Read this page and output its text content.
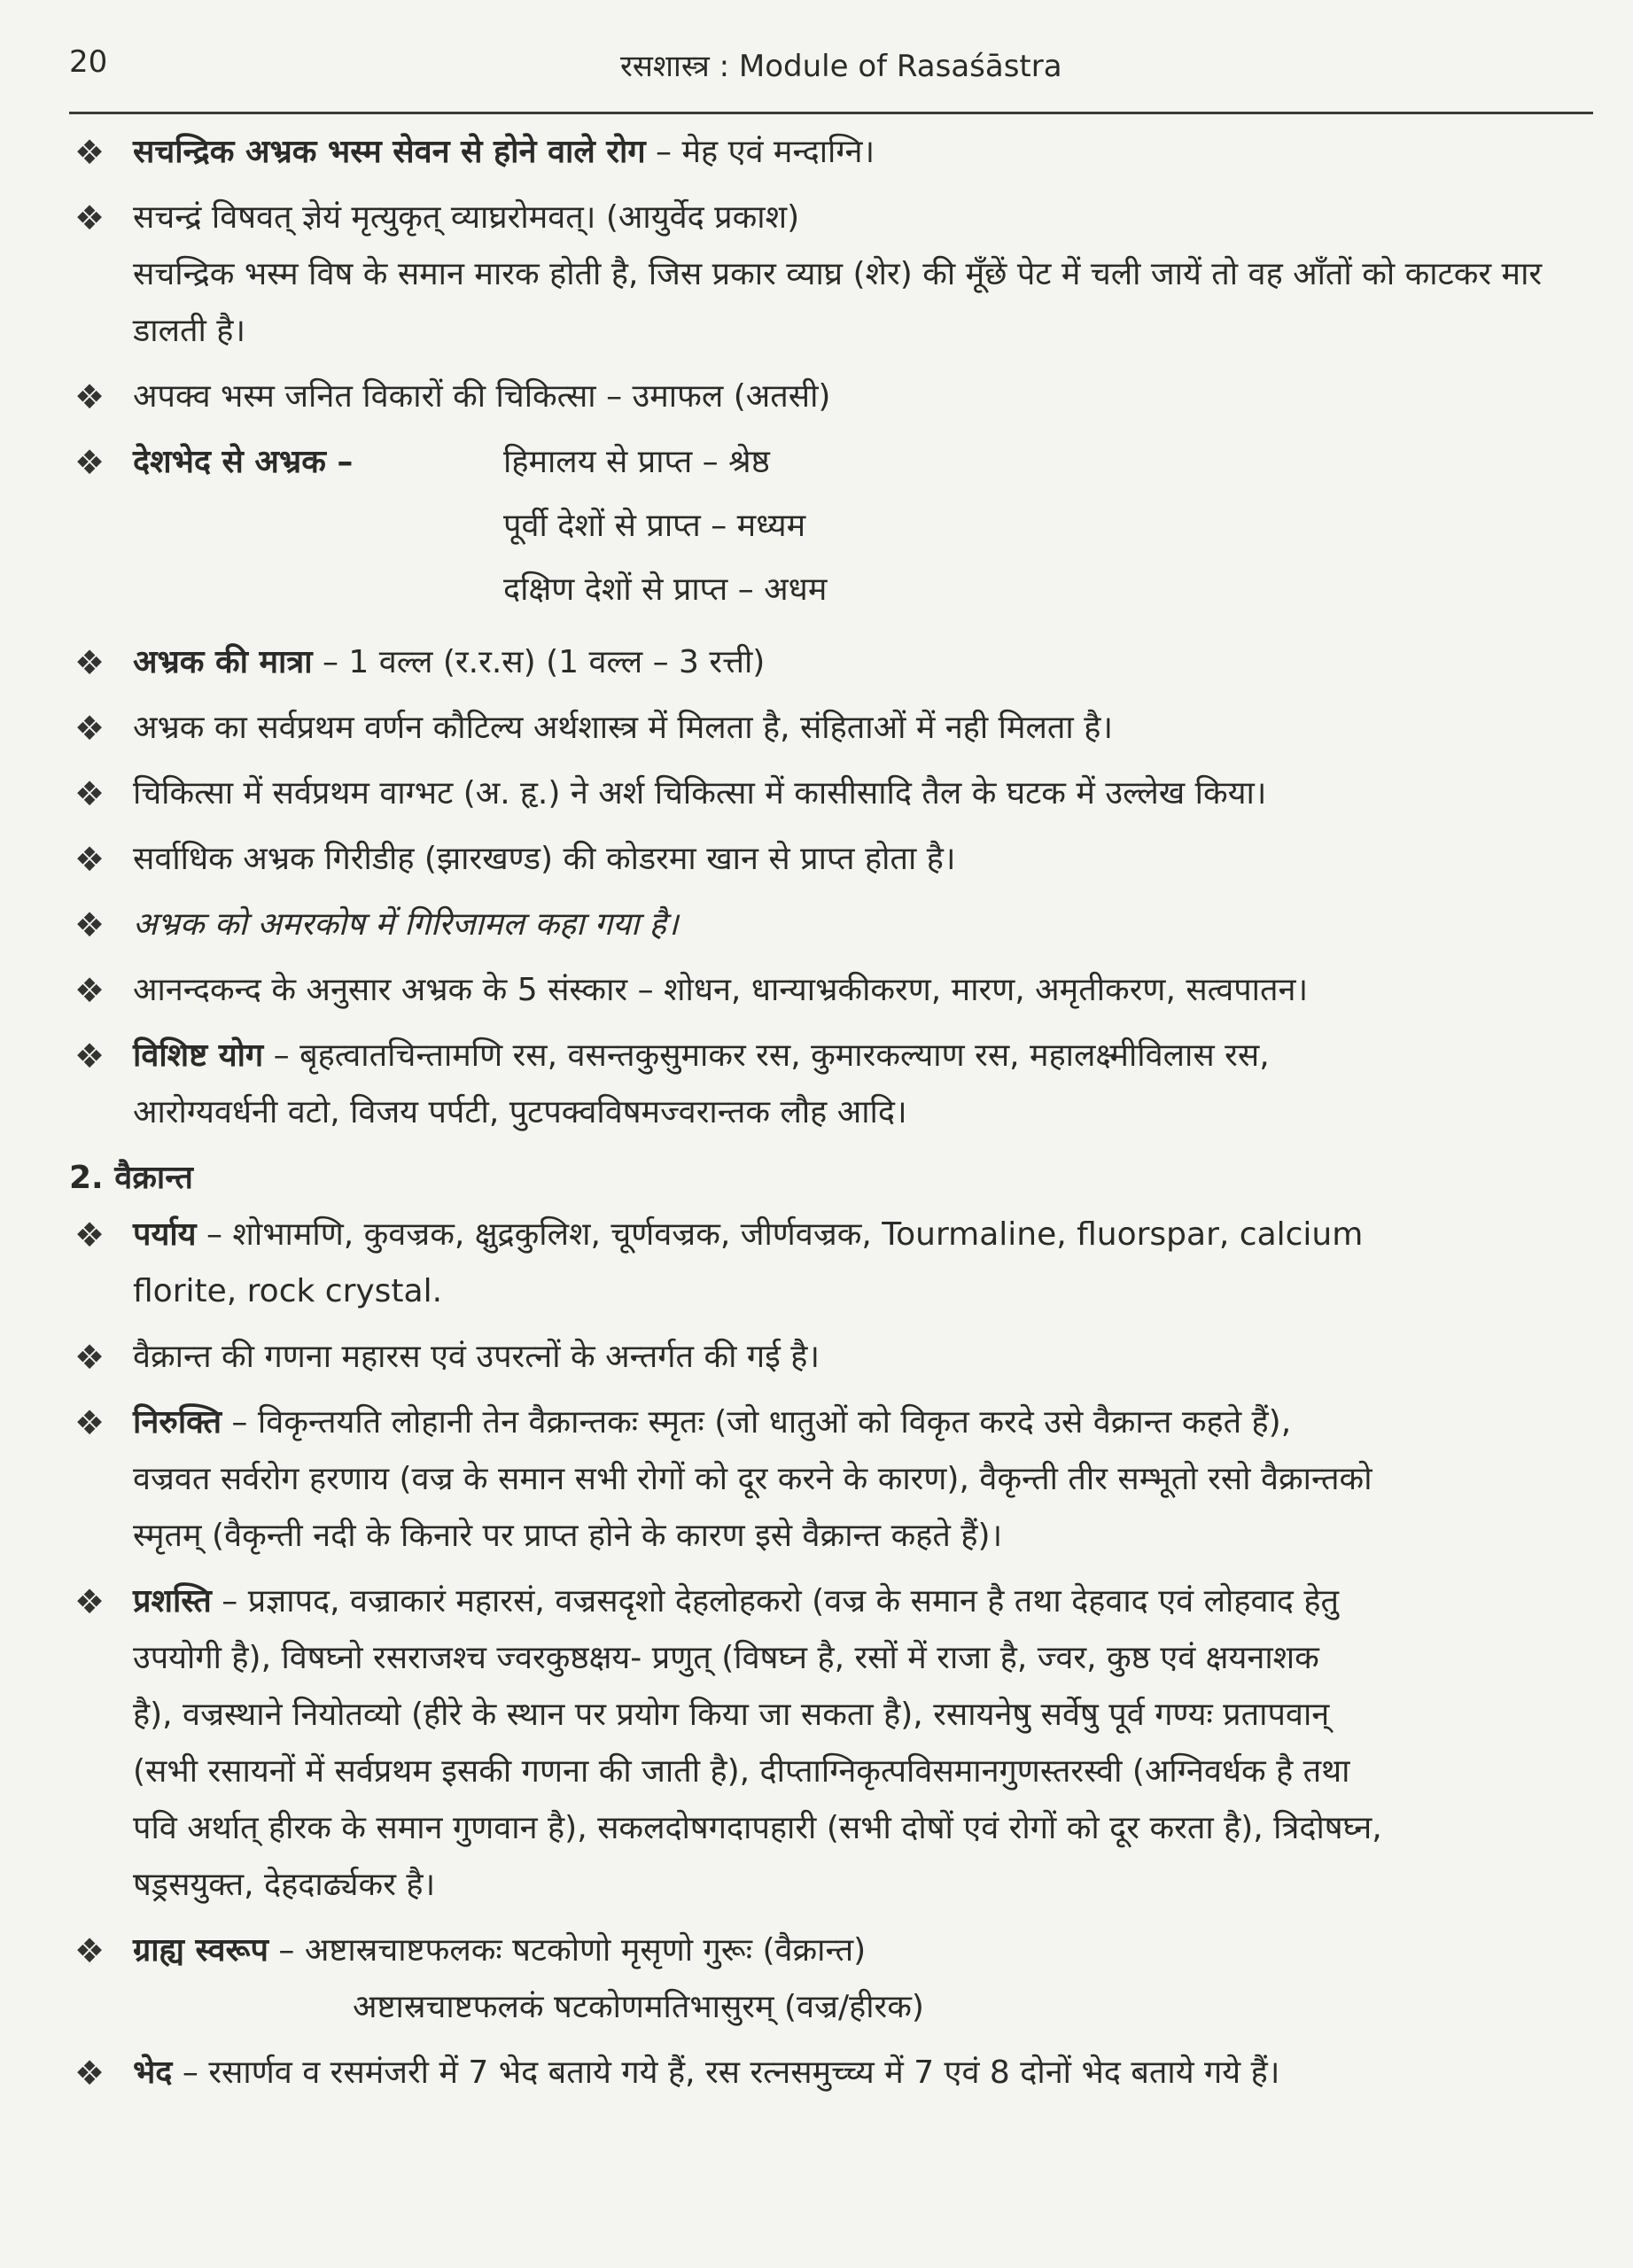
20	रसशास्त्र : Module of Rasaśāstra
❖ सचन्द्रिक अभ्रक भस्म सेवन से होने वाले रोग – मेह एवं मन्दाग्नि।
❖ सचन्द्रं विषवत् ज्ञेयं मृत्युकृत् व्याघ्ररोमवत्। (आयुर्वेद प्रकाश)
सचन्द्रिक भस्म विष के समान मारक होती है, जिस प्रकार व्याघ्र (शेर) की मूँछें पेट में चली जायें तो वह आँतों को काटकर मार डालती है।
❖ अपक्व भस्म जनित विकारों की चिकित्सा – उमाफल (अतसी)
❖ देशभेद से अभ्रक –	हिमालय से प्राप्त – श्रेष्ठ
पूर्वी देशों से प्राप्त – मध्यम
दक्षिण देशों से प्राप्त – अधम
❖ अभ्रक की मात्रा – 1 वल्ल (र.र.स) (1 वल्ल – 3 रत्ती)
❖ अभ्रक का सर्वप्रथम वर्णन कौटिल्य अर्थशास्त्र में मिलता है, संहिताओं में नही मिलता है।
❖ चिकित्सा में सर्वप्रथम वाग्भट (अ. हृ.) ने अर्श चिकित्सा में कासीसादि तैल के घटक में उल्लेख किया।
❖ सर्वाधिक अभ्रक गिरीडीह (झारखण्ड) की कोडरमा खान से प्राप्त होता है।
❖ अभ्रक को अमरकोष में गिरिजामल कहा गया है।
❖ आनन्दकन्द के अनुसार अभ्रक के 5 संस्कार – शोधन, धान्याभ्रकीकरण, मारण, अमृतीकरण, सत्वपातन।
❖ विशिष्ट योग – बृहत्वातचिन्तामणि रस, वसन्तकुसुमाकर रस, कुमारकल्याण रस, महालक्ष्मीविलास रस,
आरोग्यवर्धनी वटो, विजय पर्पटी, पुटपक्वविषमज्वरान्तक लौह आदि।
2. वैक्रान्त
❖ पर्याय – शोभामणि, कुवज्रक, क्षुद्रकुलिश, चूर्णवज्रक, जीर्णवज्रक, Tourmaline, fluorspar, calcium
florite, rock crystal.
❖ वैक्रान्त की गणना महारस एवं उपरत्नों के अन्तर्गत की गई है।
❖ निरुक्ति – विकृन्तयति लोहानी तेन वैक्रान्तकः स्मृतः (जो धातुओं को विकृत करदे उसे वैक्रान्त कहते हैं),
वज्रवत सर्वरोग हरणाय (वज्र के समान सभी रोगों को दूर करने के कारण), वैकृन्ती तीर सम्भूतो रसो वैक्रान्तको
स्मृतम् (वैकृन्ती नदी के किनारे पर प्राप्त होने के कारण इसे वैक्रान्त कहते हैं)।
❖ प्रशस्ति – प्रज्ञापद, वज्राकारं महारसं, वज्रसदृशो देहलोहकरो (वज्र के समान है तथा देहवाद एवं लोहवाद हेतु
उपयोगी है), विषघ्नो रसराजश्च ज्वरकुष्ठक्षय- प्रणुत् (विषघ्न है, रसों में राजा है, ज्वर, कुष्ठ एवं क्षयनाशक
है), वज्रस्थाने नियोतव्यो (हीरे के स्थान पर प्रयोग किया जा सकता है), रसायनेषु सर्वेषु पूर्व गण्यः प्रतापवान्
(सभी रसायनों में सर्वप्रथम इसकी गणना की जाती है), दीप्ताग्निकृत्पविसमानगुणस्तरस्वी (अग्निवर्धक है तथा
पवि अर्थात् हीरक के समान गुणवान है), सकलदोषगदापहारी (सभी दोषों एवं रोगों को दूर करता है), त्रिदोषघ्न,
षड्रसयुक्त, देहदार्ढ्यकर है।
❖ ग्राह्य स्वरूप – अष्टास्रचाष्टफलकः षटकोणो मृसृणो गुरूः (वैक्रान्त)
अष्टास्रचाष्टफलकं षटकोणमतिभासुरम् (वज्र/हीरक)
❖ भेद – रसार्णव व रसमंजरी में 7 भेद बताये गये हैं, रस रत्नसमुच्च्य में 7 एवं 8 दोनों भेद बताये गये हैं।
